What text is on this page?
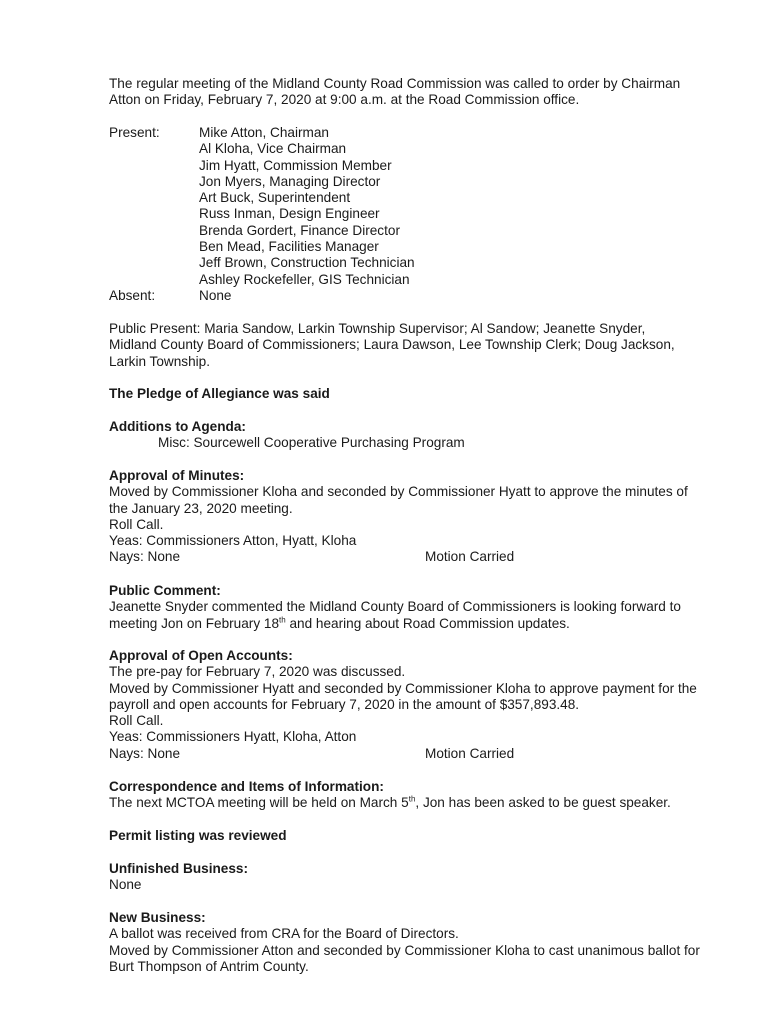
The regular meeting of the Midland County Road Commission was called to order by Chairman
Atton on Friday, February 7, 2020 at 9:00 a.m. at the Road Commission office.
Present:	Mike Atton, Chairman
Al Kloha, Vice Chairman
Jim Hyatt, Commission Member
Jon Myers, Managing Director
Art Buck, Superintendent
Russ Inman, Design Engineer
Brenda Gordert, Finance Director
Ben Mead, Facilities Manager
Jeff Brown, Construction Technician
Ashley Rockefeller, GIS Technician
Absent:	None
Public Present: Maria Sandow, Larkin Township Supervisor; Al Sandow; Jeanette Snyder,
Midland County Board of Commissioners; Laura Dawson, Lee Township Clerk; Doug Jackson,
Larkin Township.
The Pledge of Allegiance was said
Additions to Agenda:
Misc: Sourcewell Cooperative Purchasing Program
Approval of Minutes:
Moved by Commissioner Kloha and seconded by Commissioner Hyatt to approve the minutes of
the January 23, 2020 meeting.
Roll Call.
Yeas: Commissioners Atton, Hyatt, Kloha
Nays: None	Motion Carried
Public Comment:
Jeanette Snyder commented the Midland County Board of Commissioners is looking forward to
meeting Jon on February 18th and hearing about Road Commission updates.
Approval of Open Accounts:
The pre-pay for February 7, 2020 was discussed.
Moved by Commissioner Hyatt and seconded by Commissioner Kloha to approve payment for the
payroll and open accounts for February 7, 2020 in the amount of $357,893.48.
Roll Call.
Yeas: Commissioners Hyatt, Kloha, Atton
Nays: None	Motion Carried
Correspondence and Items of Information:
The next MCTOA meeting will be held on March 5th, Jon has been asked to be guest speaker.
Permit listing was reviewed
Unfinished Business:
None
New Business:
A ballot was received from CRA for the Board of Directors.
Moved by Commissioner Atton and seconded by Commissioner Kloha to cast unanimous ballot for
Burt Thompson of Antrim County.
